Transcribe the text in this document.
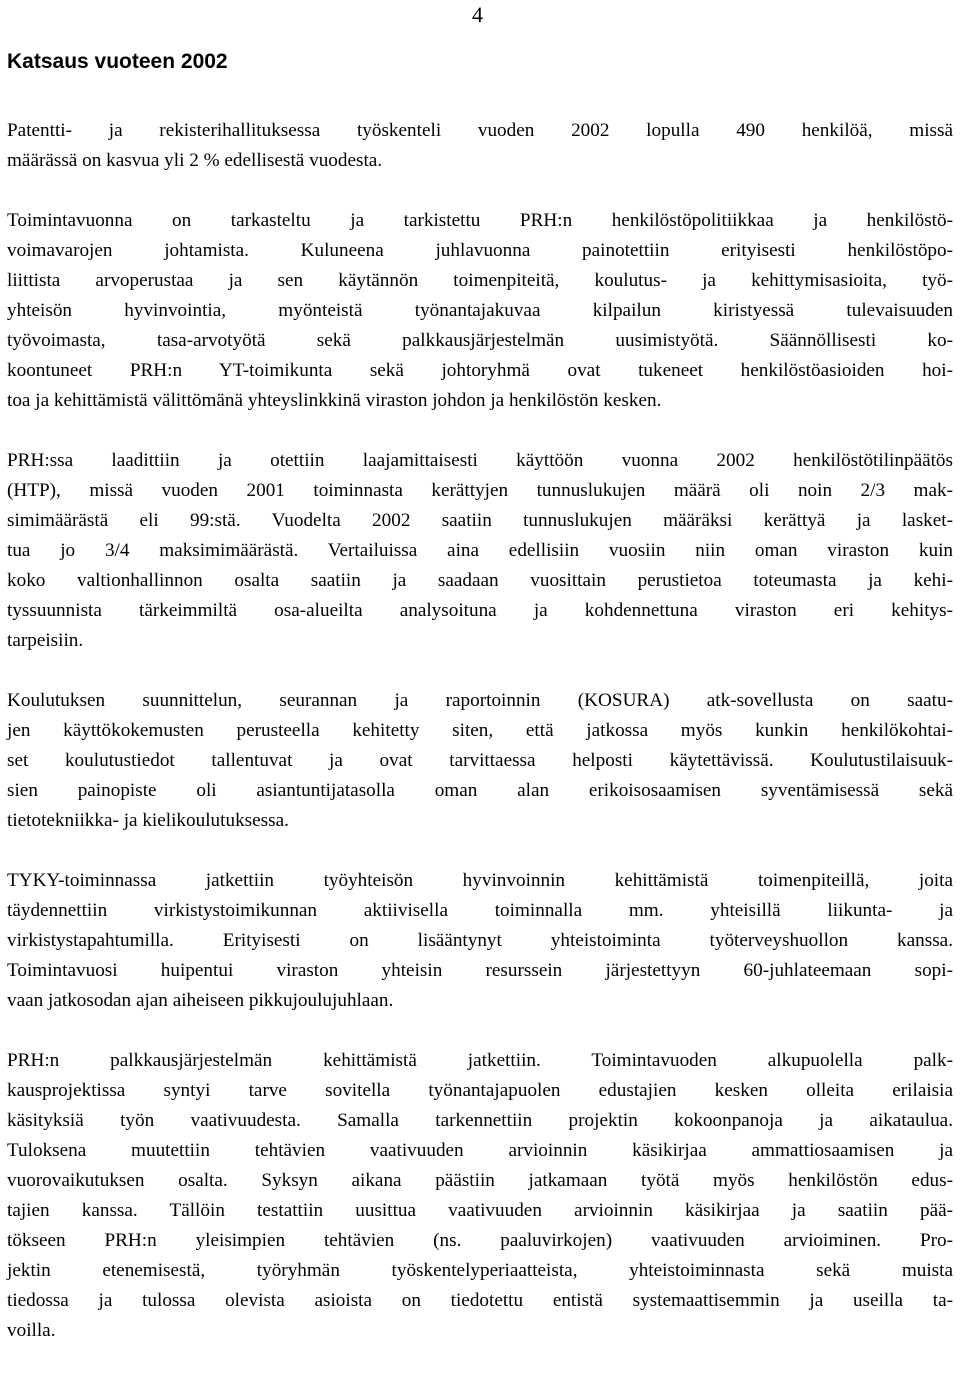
4
Katsaus vuoteen 2002

Patentti- ja rekisterihallituksessa työskenteli vuoden 2002 lopulla 490 henkilöä, missä
määrässä on kasvua yli 2 % edellisestä vuodesta.

Toimintavuonna on tarkasteltu ja tarkistettu PRH:n henkilöstöpolitiikkaa ja henkilöstö-
voimavarojen johtamista. Kuluneena juhlavuonna painotettiin erityisesti henkilöstöpo-
liittista arvoperustaa ja sen käytännön toimenpiteitä, koulutus- ja kehittymisasioita, työ-
yhteisön hyvinvointia, myönteistä työnantajakuvaa kilpailun kiristyessä tulevaisuuden
työvoimasta, tasa-arvotyötä sekä palkkausjärjestelmän uusimistyötä. Säännöllisesti ko-
koontuneet PRH:n YT-toimikunta sekä johtoryhmä ovat tukeneet henkilöstöasioiden hoi-
toa ja kehittämistä välittömänä yhteyslinkkinä viraston johdon ja henkilöstön kesken.

PRH:ssa laadittiin ja otettiin laajamittaisesti käyttöön vuonna 2002 henkilöstötilinpäätös
(HTP), missä vuoden 2001 toiminnasta kerättyjen tunnuslukujen määrä oli noin 2/3 mak-
simimäärästä eli 99:stä. Vuodelta 2002 saatiin tunnuslukujen määräksi kerättyä ja lasket-
tua jo 3/4 maksimimäärästä. Vertailuissa aina edellisiin vuosiin niin oman viraston kuin
koko valtionhallinnon osalta saatiin ja saadaan vuosittain perustietoa toteumasta ja kehi-
tyssuunnista tärkeimmiltä osa-alueilta analysoituna ja kohdennettuna viraston eri kehitys-
tarpeisiin.

Koulutuksen suunnittelun, seurannan ja raportoinnin (KOSURA) atk-sovellusta on saatu-
jen käyttökokemusten perusteella kehitetty siten, että jatkossa myös kunkin henkilökohtai-
set koulutustiedot tallentuvat ja ovat tarvittaessa helposti käytettävissä. Koulutustilaisuuk-
sien painopiste oli asiantuntijatasolla oman alan erikoisosaamisen syventämisessä sekä
tietotekniikka- ja kielikoulutuksessa.

TYKY-toiminnassa jatkettiin työyhteisön hyvinvoinnin kehittämistä toimenpiteillä, joita
täydennettiin virkistystoimikunnan aktiivisella toiminnalla mm. yhteisillä liikunta- ja
virkistystapahtumilla. Erityisesti on lisääntynyt yhteistoiminta työterveyshuollon kanssa.
Toimintavuosi huipentui viraston yhteisin resurssein järjestettyyn 60-juhlateemaan sopi-
vaan jatkosodan ajan aiheiseen pikkujoulujuhlaan.

PRH:n palkkausjärjestelmän kehittämistä jatkettiin. Toimintavuoden alkupuolella palk-
kausprojektissa syntyi tarve sovitella työnantajapuolen edustajien kesken olleita erilaisia
käsityksiä työn vaativuudesta. Samalla tarkennettiin projektin kokoonpanoja ja aikataulua.
Tuloksena muutettiin tehtävien vaativuuden arvioinnin käsikirjaa ammattiosaamisen ja
vuorovaikutuksen osalta. Syksyn aikana päästiin jatkamaan työtä myös henkilöstön edus-
tajien kanssa. Tällöin testattiin uusittua vaativuuden arvioinnin käsikirjaa ja saatiin pää-
tökseen PRH:n yleisimpien tehtävien (ns. paaluvirkojen) vaativuuden arvioiminen. Pro-
jektin etenemisestä, työryhmän työskentelyperiaatteista, yhteistoiminnasta sekä muista
tiedossa ja tulossa olevista asioista on tiedotettu entistä systemaattisemmin ja useilla ta-
voilla.
